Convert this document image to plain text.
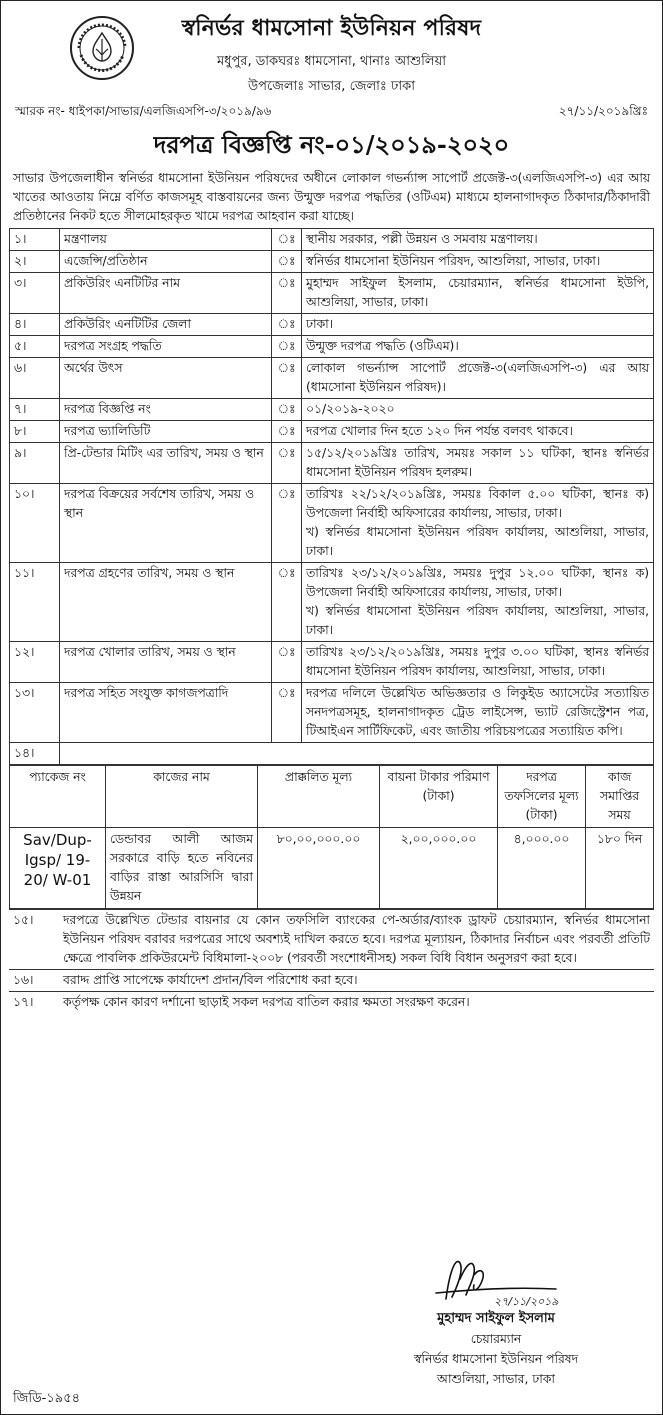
স্বনির্ভর ধামসোনা ইউনিয়ন পরিষদ
মধুপুর, ডাকঘরঃ ধামসোনা, থানাঃ আশুলিয়া
উপজেলাঃ সাভার, জেলাঃ ঢাকা
স্মারক নং- ধাইপকা/সাভার/এলজিএসপি-৩/২০১৯/৯৬	২৭/১১/২০১৯খ্রিঃ
দরপত্র বিজ্ঞপ্তি নং-০১/২০১৯-২০২০
সাভার উপজেলাধীন স্বনির্ভর ধামসোনা ইউনিয়ন পরিষদের অধীনে লোকাল গভর্ন্যান্স সাপোর্ট প্রজেক্ট-৩(এলজিএসপি-৩) এর আয় খাতের আওতায় নিম্নে বর্ণিত কাজসমূহ বাস্তবায়নের জন্য উন্মুক্ত দরপত্র পদ্ধতির (ওটিএম) মাধ্যমে হালনাগাদকৃত ঠিকাদার/ঠিকাদারী প্রতিষ্ঠানের নিকট হতে সীলমোহরকৃত খামে দরপত্র আহবান করা যাচ্ছে।
১।	মন্ত্রণালয়	ঃ	স্থানীয় সরকার, পল্লী উন্নয়ন ও সমবায় মন্ত্রণালয়।

২।	এজেন্সি/প্রতিষ্ঠান	ঃ	স্বনির্ভর ধামসোনা ইউনিয়ন পরিষদ, আশুলিয়া, সাভার, ঢাকা।

৩।	প্রকিউরিং এনটিটির নাম	ঃ	মুহাম্মদ সাইফুল ইসলাম, চেয়ারম্যান, স্বনির্ভর ধামসোনা ইউপি, আশুলিয়া, সাভার, ঢাকা।

৪।	প্রকিউরিং এনটিটির জেলা	ঃ	ঢাকা।

৫।	দরপত্র সংগ্রহ পদ্ধতি	ঃ	উন্মুক্ত দরপত্র পদ্ধতি (ওটিএম)।

৬।	অর্থের উৎস	ঃ	লোকাল গভর্ন্যান্স সাপোর্ট প্রজেক্ট-৩(এলজিএসপি-৩) এর আয় (ধামসোনা ইউনিয়ন পরিষদ)।

৭।	দরপত্র বিজ্ঞপ্তি নং	ঃ	০১/২০১৯-২০২০

৮।	দরপত্র ভ্যালিডিটি	ঃ	দরপত্র খোলার দিন হতে ১২০ দিন পর্যন্ত বলবৎ থাকবে।

৯।	প্রি-টেন্ডার মিটিং এর তারিখ, সময় ও স্থান	ঃ	১৫/১২/২০১৯খ্রিঃ তারিখ, সময়ঃ সকাল ১১ ঘটিকা, স্থানঃ স্বনির্ভর ধামসোনা ইউনিয়ন পরিষদ হলরুম।

১০।	দরপত্র বিক্রয়ের সর্বশেষ তারিখ, সময় ও স্থান	ঃ	তারিখঃ ২২/১২/২০১৯খ্রিঃ, সময়ঃ বিকাল ৫.০০ ঘটিকা, স্থানঃ ক) উপজেলা নির্বাহী অফিসারের কার্যালয়, সাভার, ঢাকা।
খ) স্বনির্ভর ধামসোনা ইউনিয়ন পরিষদ কার্যালয়, আশুলিয়া, সাভার, ঢাকা।

১১।	দরপত্র গ্রহণের তারিখ, সময় ও স্থান	ঃ	তারিখঃ ২৩/১২/২০১৯খ্রিঃ, সময়ঃ দুপুর ১২.০০ ঘটিকা, স্থানঃ ক) উপজেলা নির্বাহী অফিসারের কার্যালয়, সাভার, ঢাকা।
খ) স্বনির্ভর ধামসোনা ইউনিয়ন পরিষদ কার্যালয়, আশুলিয়া, সাভার, ঢাকা।

১২।	দরপত্র খোলার তারিখ, সময় ও স্থান	ঃ	তারিখঃ ২৩/১২/২০১৯খ্রিঃ, সময়ঃ দুপুর ৩.০০ ঘটিকা, স্থানঃ স্বনির্ভর ধামসোনা ইউনিয়ন পরিষদ কার্যালয়, আশুলিয়া, সাভার, ঢাকা।

১৩।	দরপত্র সহিত সংযুক্ত কাগজপত্রাদি	ঃ	দরপত্র দলিলে উল্লেখিত অভিজ্ঞতার ও লিকুইড অ্যাসেটের সত্যায়িত সনদপত্রসমূহ, হালনাগাদকৃত ট্রেড লাইসেন্স, ভ্যাট রেজিস্ট্রেশন পত্র, টিআইএন সার্টিফিকেট, এবং জাতীয় পরিচয়পত্রের সত্যায়িত কপি।

১৪।			
প্যাকেজ নং	কাজের নাম	প্রাক্কলিত মূল্য	বায়না টাকার পরিমাণ (টাকা)	দরপত্র তফসিলের মূল্য (টাকা)	কাজ সমাপ্তির সময়
Sav/Dup-Igsp/ 19-20/ W-01	ডেন্ডাবর আলী আজম সরকারে বাড়ি হতে নবিনের বাড়ির রাস্তা আরসিসি দ্বারা উন্নয়ন	৮০,০০,০০০.০০	২,০০,০০০.০০	৪,০০০.০০	১৮০ দিন
১৫।	দরপত্রে উল্লেখিত টেন্ডার বায়নার যে কোন তফসিলি ব্যাংকের পে-অর্ডার/ব্যাংক ড্রাফট চেয়ারম্যান, স্বনির্ভর ধামসোনা ইউনিয়ন পরিষদ বরাবর দরপত্রের সাথে অবশ্যই দাখিল করতে হবে। দরপত্র মূল্যায়ন, ঠিকাদার নির্বাচন এবং পরবর্তী প্রতিটি ক্ষেত্রে পাবলিক প্রকিউরমেন্ট বিধিমালা-২০০৮ (পরবর্তী সংশোধনীসহ) সকল বিধি বিধান অনুসরণ করা হবে।
১৬।	বরাদ্দ প্রাপ্তি সাপেক্ষে কার্যাদেশ প্রদান/বিল পরিশোধ করা হবে।
১৭।	কর্তৃপক্ষ কোন কারণ দর্শানো ছাড়াই সকল দরপত্র বাতিল করার ক্ষমতা সংরক্ষণ করেন।
২৭/১১/২০১৯
মুহাম্মদ সাইফুল ইসলাম
চেয়ারম্যান
স্বনির্ভর ধামসোনা ইউনিয়ন পরিষদ
আশুলিয়া, সাভার, ঢাকা
জিডি-১৯৫৪
